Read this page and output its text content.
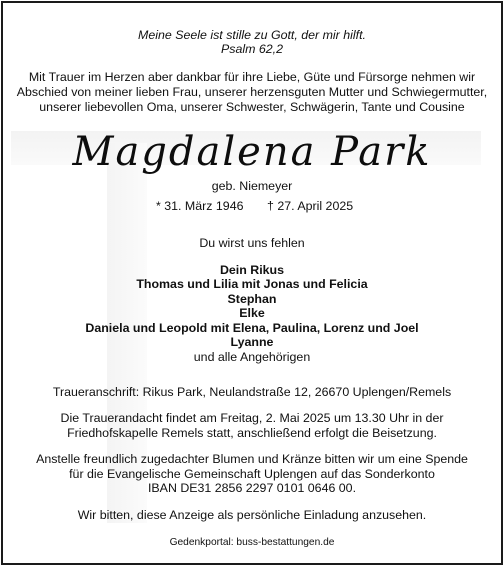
Meine Seele ist stille zu Gott, der mir hilft.
Psalm 62,2
Mit Trauer im Herzen aber dankbar für ihre Liebe, Güte und Fürsorge nehmen wir
Abschied von meiner lieben Frau, unserer herzensguten Mutter und Schwiegermutter,
unserer liebevollen Oma, unserer Schwester, Schwägerin, Tante und Cousine
Magdalena Park
geb. Niemeyer
* 31. März 1946 † 27. April 2025
Du wirst uns fehlen
Dein Rikus
Thomas und Lilia mit Jonas und Felicia
Stephan
Elke
Daniela und Leopold mit Elena, Paulina, Lorenz und Joel
Lyanne
und alle Angehörigen
Traueranschrift: Rikus Park, Neulandstraße 12, 26670 Uplengen/Remels
Die Trauerandacht findet am Freitag, 2. Mai 2025 um 13.30 Uhr in der
Friedhofskapelle Remels statt, anschließend erfolgt die Beisetzung.
Anstelle freundlich zugedachter Blumen und Kränze bitten wir um eine Spende
für die Evangelische Gemeinschaft Uplengen auf das Sonderkonto
IBAN DE31 2856 2297 0101 0646 00.
Wir bitten, diese Anzeige als persönliche Einladung anzusehen.
Gedenkportal: buss-bestattungen.de
